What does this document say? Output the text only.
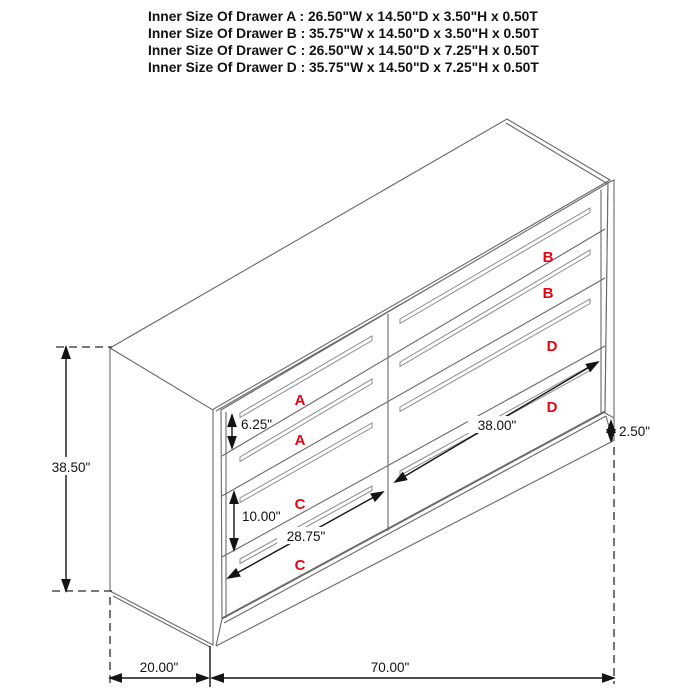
Inner Size Of Drawer A : 26.50"W x 14.50"D x 3.50"H x 0.50T
Inner Size Of Drawer B : 35.75"W x 14.50"D x 3.50"H x 0.50T
Inner Size Of Drawer C : 26.50"W x 14.50"D x 7.25"H x 0.50T
Inner Size Of Drawer D : 35.75"W x 14.50"D x 7.25"H x 0.50T
A
A
C
C
B
B
D
D
38.50"
6.25"
10.00"
28.75"
38.00"	2.50"
20.00"	70.00"
